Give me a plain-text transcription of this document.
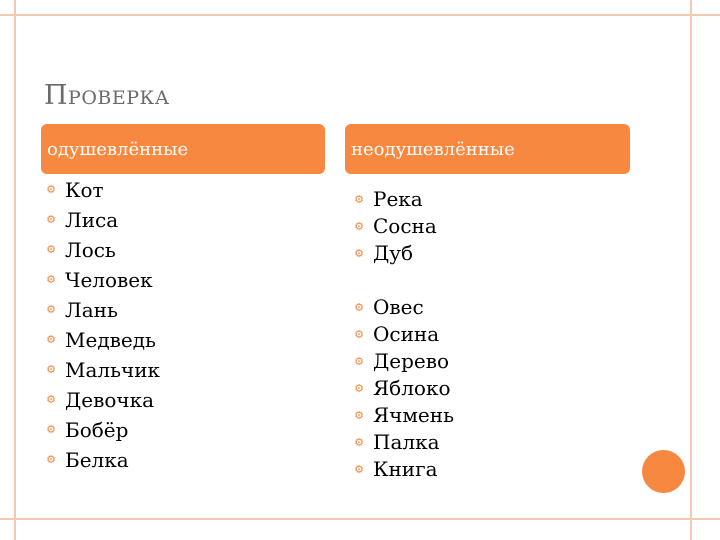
ПРОВЕРКА
одушевлённые	неодушевлённые
⚙ Кот
⚙ Лиса
⚙ Лось
⚙ Человек
⚙ Лань
⚙ Медведь
⚙ Мальчик
⚙ Девочка
⚙ Бобёр
⚙ Белка
⚙ Река
⚙ Сосна
⚙ Дуб
⚙ Овес
⚙ Осина
⚙ Дерево
⚙ Яблоко
⚙ Ячмень
⚙ Палка
⚙ Книга
